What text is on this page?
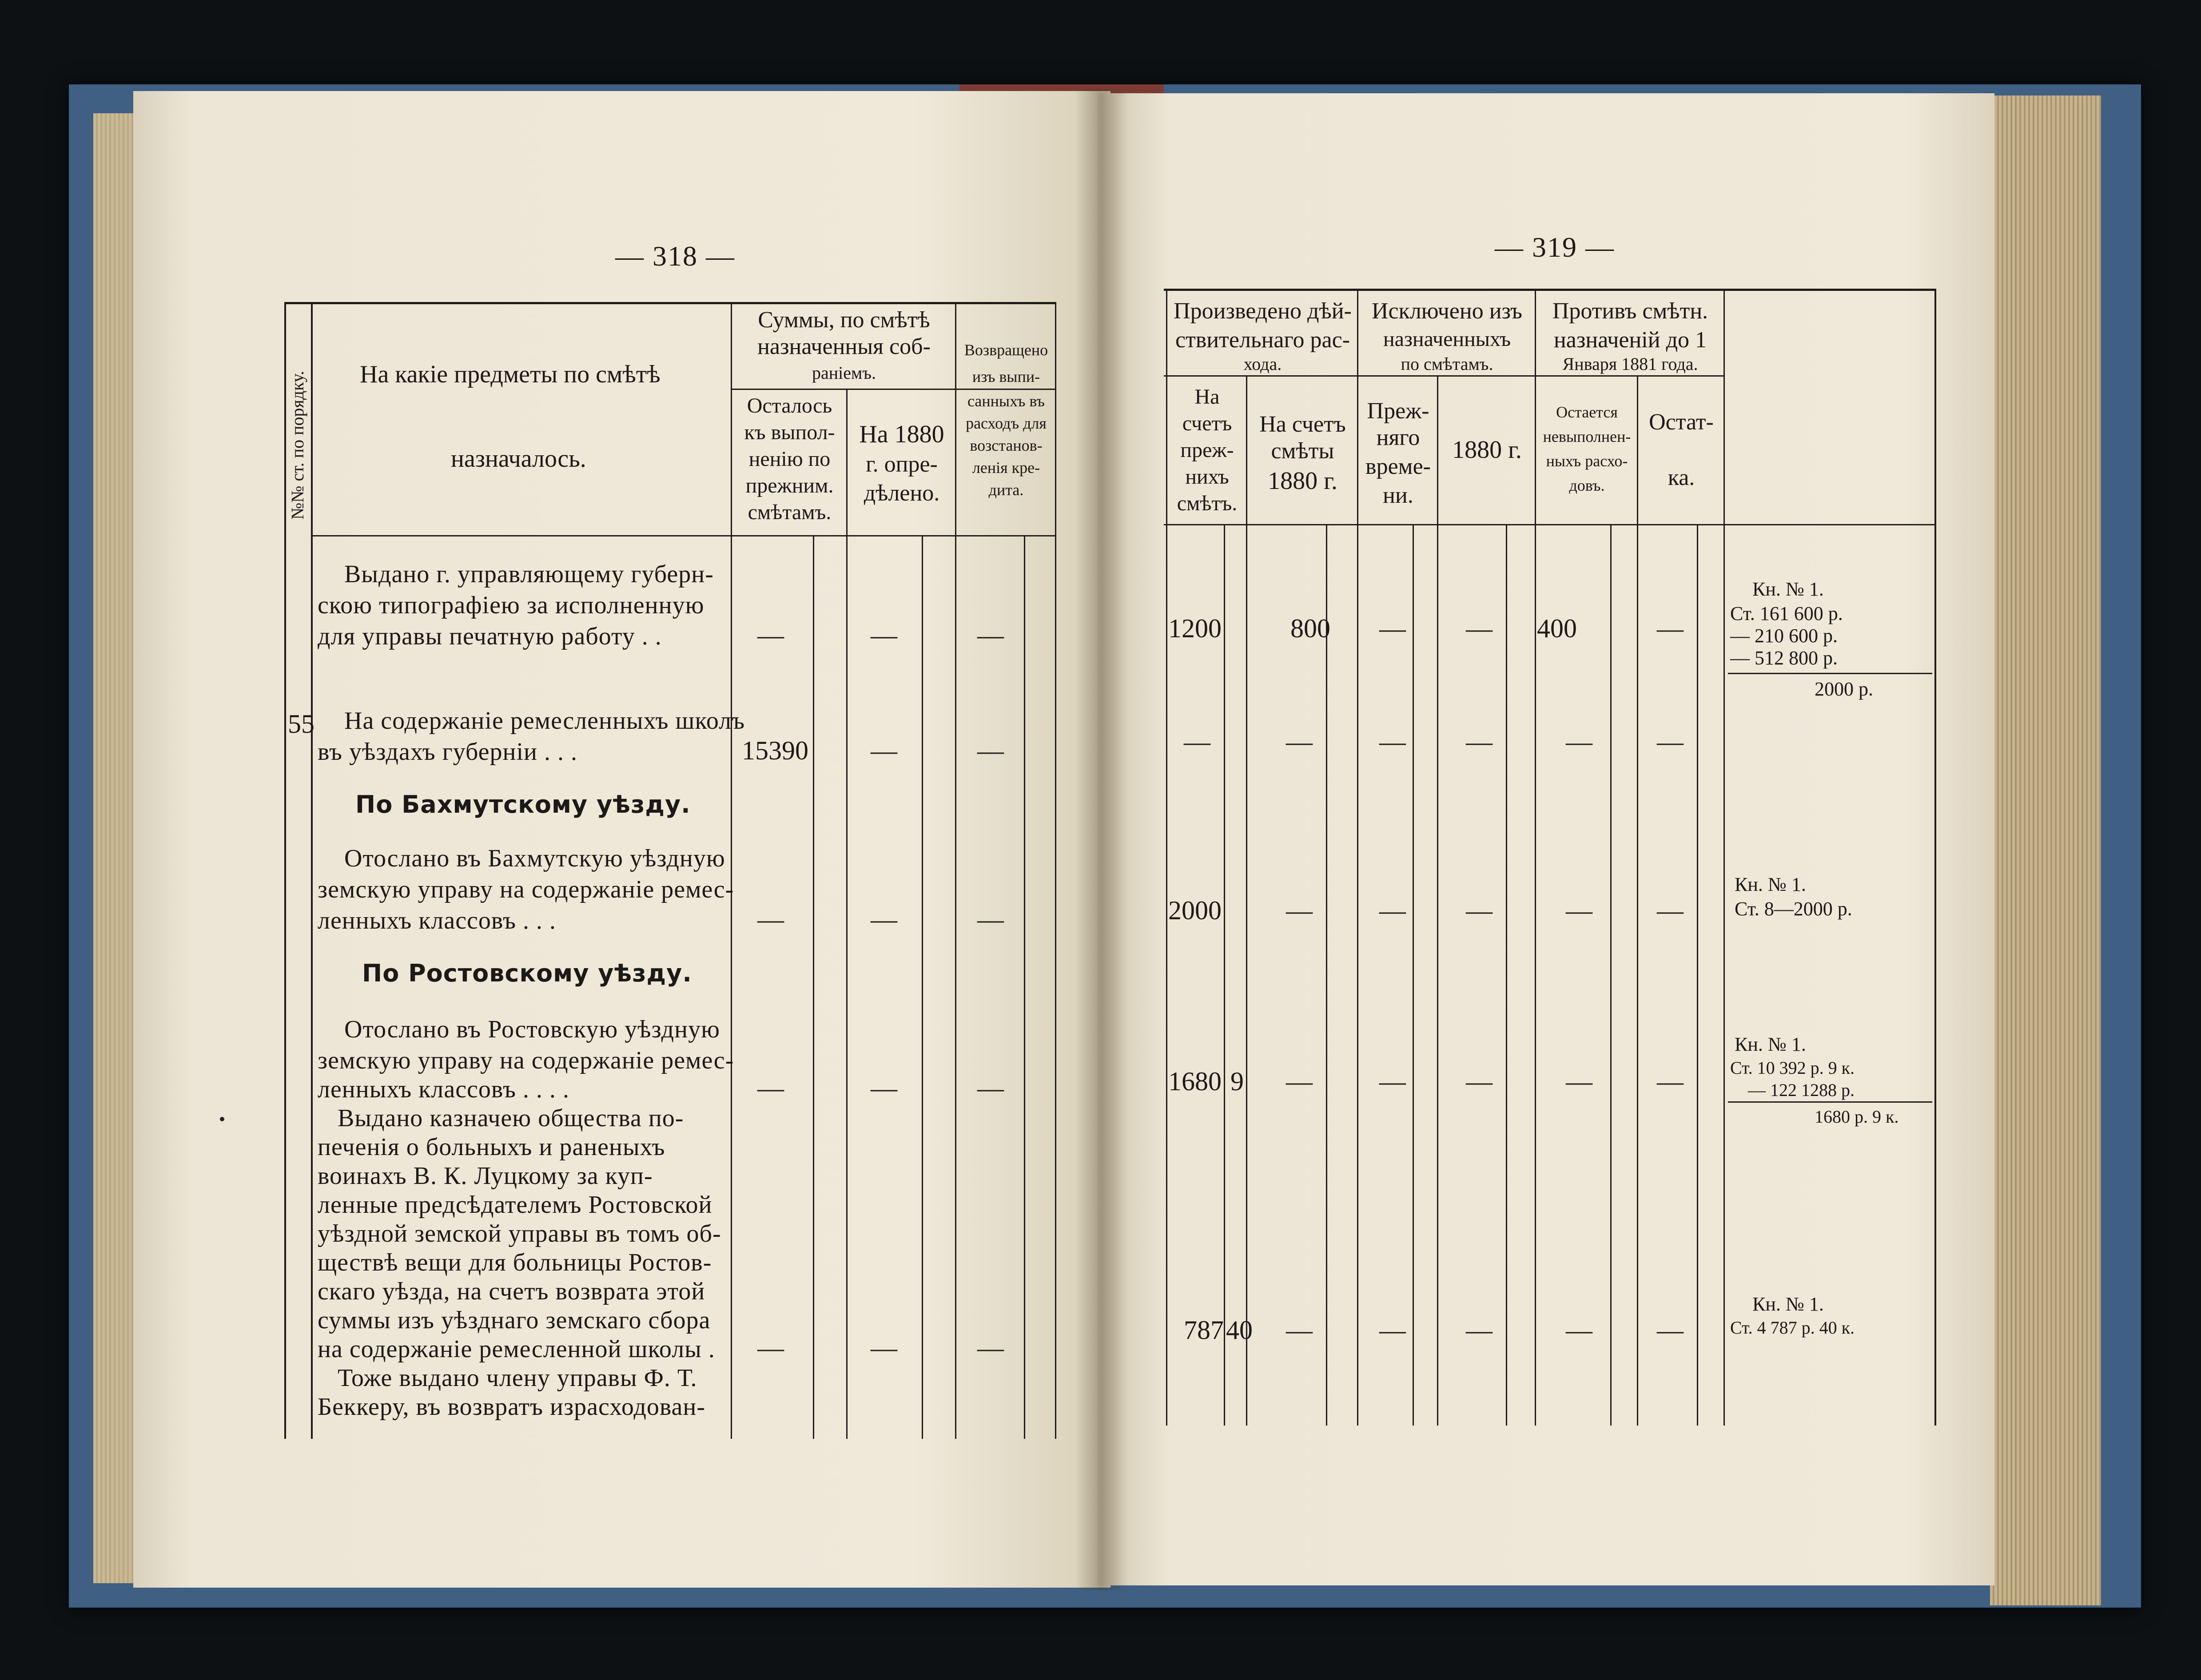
— 318 —
№№ ст. по порядку. На какіе предметы по смѣтѣ
назначалось.
Суммы, по смѣтѣ
назначенныя соб-
раніемъ.
Осталось
къ выпол-
ненію по
прежним.
смѣтамъ.
На 1880
г. опре-
дѣлено.
Возвращено
изъ выпи-
санныхъ въ
расходъ для
возстанов-
ленія кре-
дита.
Выдано г. управляющему губерн-
скою типографіею за исполненную
для управы печатную работу . .	—	—	—
55 На содержаніе ремесленныхъ школъ
въ уѣздахъ губерніи . . .	15390 —	—
По Бахмутскому уѣзду.
Отослано въ Бахмутскую уѣздную
земскую управу на содержаніе ремес-
ленныхъ классовъ . . .	—	—	—
По Ростовскому уѣзду.
Отослано въ Ростовскую уѣздную
земскую управу на содержаніе ремес-
ленныхъ классовъ . . . .	—	—	—
Выдано казначею общества по-
печенія о больныхъ и раненыхъ
воинахъ В. К. Луцкому за куп-
ленные предсѣдателемъ Ростовской
уѣздной земской управы въ томъ об-
ществѣ вещи для больницы Ростов-
скаго уѣзда, на счетъ возврата этой
суммы изъ уѣзднаго земскаго сбора
на содержаніе ремесленной школы . —	—	—
Тоже выдано члену управы Ф. Т.
Беккеру, въ возвратъ израсходован-
— 319 —
Произведено дѣй-
ствительнаго рас-
хода.
Исключено изъ
назначенныхъ
по смѣтамъ.
Противъ смѣтн.
назначеній до 1
Января 1881 года.
На
счетъ
преж-
нихъ
смѣтъ.
На счетъ
смѣты
1880 г.
Преж-
няго
време-
ни.
1880 г.
Остается
невыполнен-
ныхъ расхо-
довъ.
Остат-
ка.
1200	800 — — 400	—
Кн. № 1.
Ст. 161 600 р.
— 210 600 р.
— 512 800 р.
2000 р.
—	—	— —	— —
2000 —	— —	— —
Кн. № 1.
Ст. 8—2000 р.
1680 9 —	— —	— —
Кн. № 1.
Ст. 10 392 р. 9 к.
— 122 1288 р.
1680 р. 9 к.
787 40 —	— —	— —
Кн. № 1.
Ст. 4 787 р. 40 к.
